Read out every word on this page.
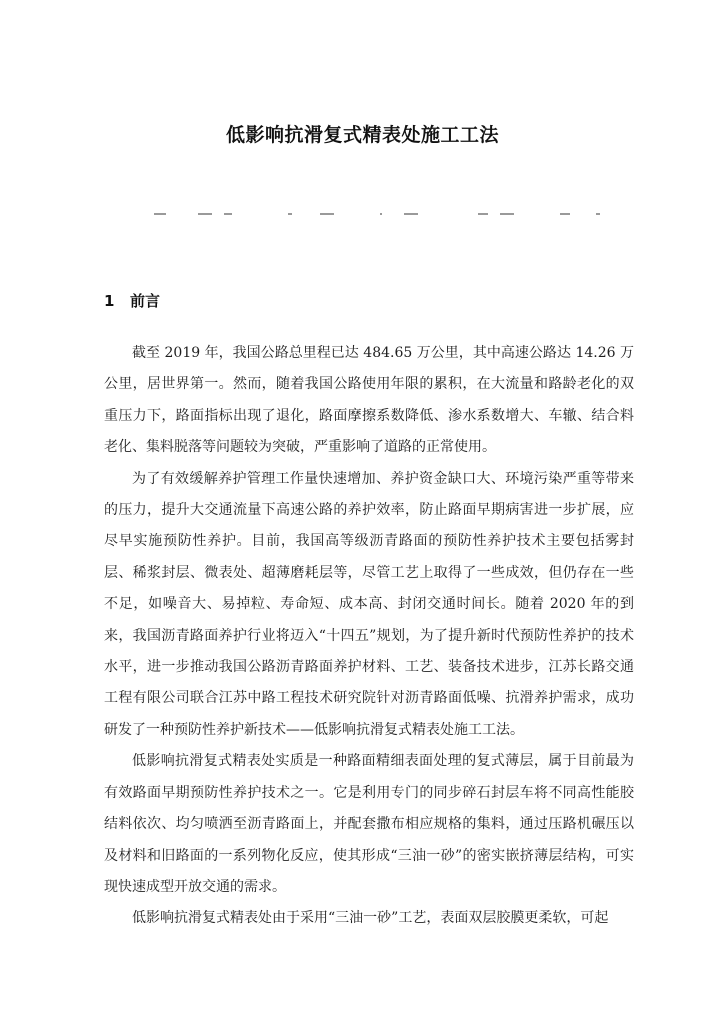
低影响抗滑复式精表处施工工法
1 前言

截至 2019 年，我国公路总里程已达 484.65 万公里，其中高速公路达 14.26 万公里，居世界第一。然而，随着我国公路使用年限的累积，在大流量和路龄老化的双重压力下，路面指标出现了退化，路面摩擦系数降低、渗水系数增大、车辙、结合料老化、集料脱落等问题较为突破，严重影响了道路的正常使用。

为了有效缓解养护管理工作量快速增加、养护资金缺口大、环境污染严重等带来的压力，提升大交通流量下高速公路的养护效率，防止路面早期病害进一步扩展，应尽早实施预防性养护。目前，我国高等级沥青路面的预防性养护技术主要包括雾封层、稀浆封层、微表处、超薄磨耗层等，尽管工艺上取得了一些成效，但仍存在一些不足，如噪音大、易掉粒、寿命短、成本高、封闭交通时间长。随着 2020 年的到来，我国沥青路面养护行业将迈入“十四五”规划，为了提升新时代预防性养护的技术水平，进一步推动我国公路沥青路面养护材料、工艺、装备技术进步，江苏长路交通工程有限公司联合江苏中路工程技术研究院针对沥青路面低噪、抗滑养护需求，成功研发了一种预防性养护新技术——低影响抗滑复式精表处施工工法。

低影响抗滑复式精表处实质是一种路面精细表面处理的复式薄层，属于目前最为有效路面早期预防性养护技术之一。它是利用专门的同步碎石封层车将不同高性能胶结料依次、均匀喷洒至沥青路面上，并配套撒布相应规格的集料，通过压路机碾压以及材料和旧路面的一系列物化反应，使其形成“三油一砂”的密实嵌挤薄层结构，可实现快速成型开放交通的需求。

低影响抗滑复式精表处由于采用“三油一砂”工艺，表面双层胶膜更柔软，可起
